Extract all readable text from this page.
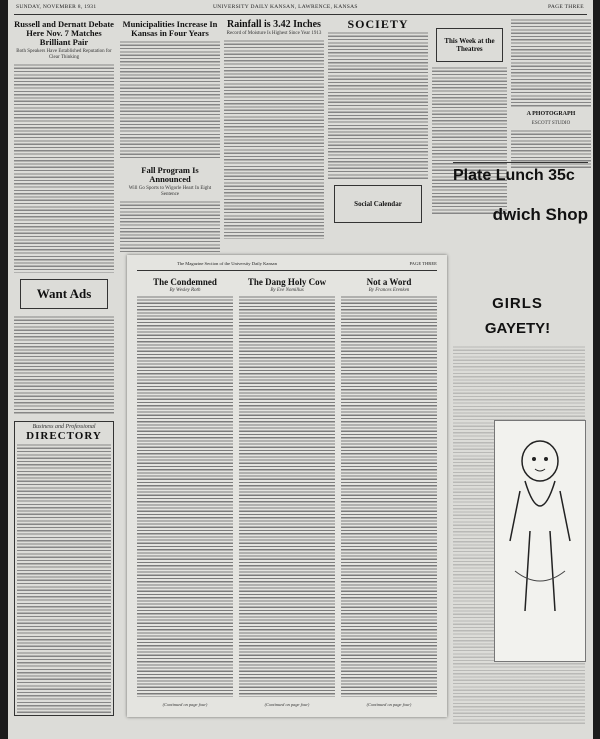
SUNDAY, NOVEMBER 8, 1931	UNIVERSITY DAILY KANSAN, LAWRENCE, KANSAS	PAGE THREE
Russell and Dernatt Debate Here Nov. 7 Matches Brilliant Pair
Both Speakers Have Established Reputation for Clear Thinking
Want Ads
Business and Professional
DIRECTORY
Municipalities Increase In Kansas in Four Years
Fall Program Is Announced
Will Go Sports to Wigorle Heart In Eight Sentence
Rainfall is 3.42 Inches
Record of Moisture Is Highest Since Year 1913
SOCIETY
Social Calendar
This Week at the Theatres
A PHOTOGRAPH
ESCOTT STUDIO
Plate Lunch 35c
dwich Shop
GIRLS
GAYETY!
The Magazine Section of the University Daily Kansan	PAGE THREE
The Condemned
By Wesley Roth
(Continued on page four)
The Dang Holy Cow
By Eve Nomillus
(Continued on page four)
Not a Word
By Frances Erenken
(Continued on page four)
